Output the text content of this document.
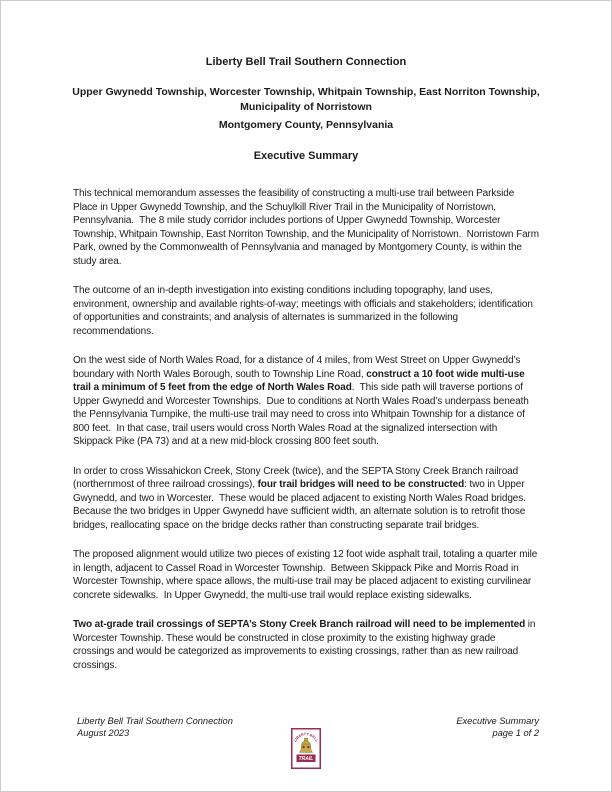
Liberty Bell Trail Southern Connection
Upper Gwynedd Township, Worcester Township, Whitpain Township, East Norriton Township, Municipality of Norristown
Montgomery County, Pennsylvania
Executive Summary

This technical memorandum assesses the feasibility of constructing a multi-use trail between Parkside Place in Upper Gwynedd Township, and the Schuylkill River Trail in the Municipality of Norristown, Pennsylvania.  The 8 mile study corridor includes portions of Upper Gwynedd Township, Worcester Township, Whitpain Township, East Norriton Township, and the Municipality of Norristown.  Norristown Farm Park, owned by the Commonwealth of Pennsylvania and managed by Montgomery County, is within the study area.

The outcome of an in-depth investigation into existing conditions including topography, land uses, environment, ownership and available rights-of-way; meetings with officials and stakeholders; identification of opportunities and constraints; and analysis of alternates is summarized in the following recommendations.

On the west side of North Wales Road, for a distance of 4 miles, from West Street on Upper Gwynedd’s boundary with North Wales Borough, south to Township Line Road, construct a 10 foot wide multi-use trail a minimum of 5 feet from the edge of North Wales Road.  This side path will traverse portions of Upper Gwynedd and Worcester Townships.  Due to conditions at North Wales Road’s underpass beneath the Pennsylvania Turnpike, the multi-use trail may need to cross into Whitpain Township for a distance of 800 feet.  In that case, trail users would cross North Wales Road at the signalized intersection with Skippack Pike (PA 73) and at a new mid-block crossing 800 feet south.

In order to cross Wissahickon Creek, Stony Creek (twice), and the SEPTA Stony Creek Branch railroad (northernmost of three railroad crossings), four trail bridges will need to be constructed: two in Upper Gwynedd, and two in Worcester.  These would be placed adjacent to existing North Wales Road bridges. Because the two bridges in Upper Gwynedd have sufficient width, an alternate solution is to retrofit those bridges, reallocating space on the bridge decks rather than constructing separate trail bridges.

The proposed alignment would utilize two pieces of existing 12 foot wide asphalt trail, totaling a quarter mile in length, adjacent to Cassel Road in Worcester Township.  Between Skippack Pike and Morris Road in Worcester Township, where space allows, the multi-use trail may be placed adjacent to existing curvilinear concrete sidewalks.  In Upper Gwynedd, the multi-use trail would replace existing sidewalks.

Two at-grade trail crossings of SEPTA’s Stony Creek Branch railroad will need to be implemented in Worcester Township. These would be constructed in close proximity to the existing highway grade crossings and would be categorized as improvements to existing crossings, rather than as new railroad crossings.

Liberty Bell Trail Southern Connection
August 2023
LIBERTY BELL
TRAIL
Executive Summary
page 1 of 2
